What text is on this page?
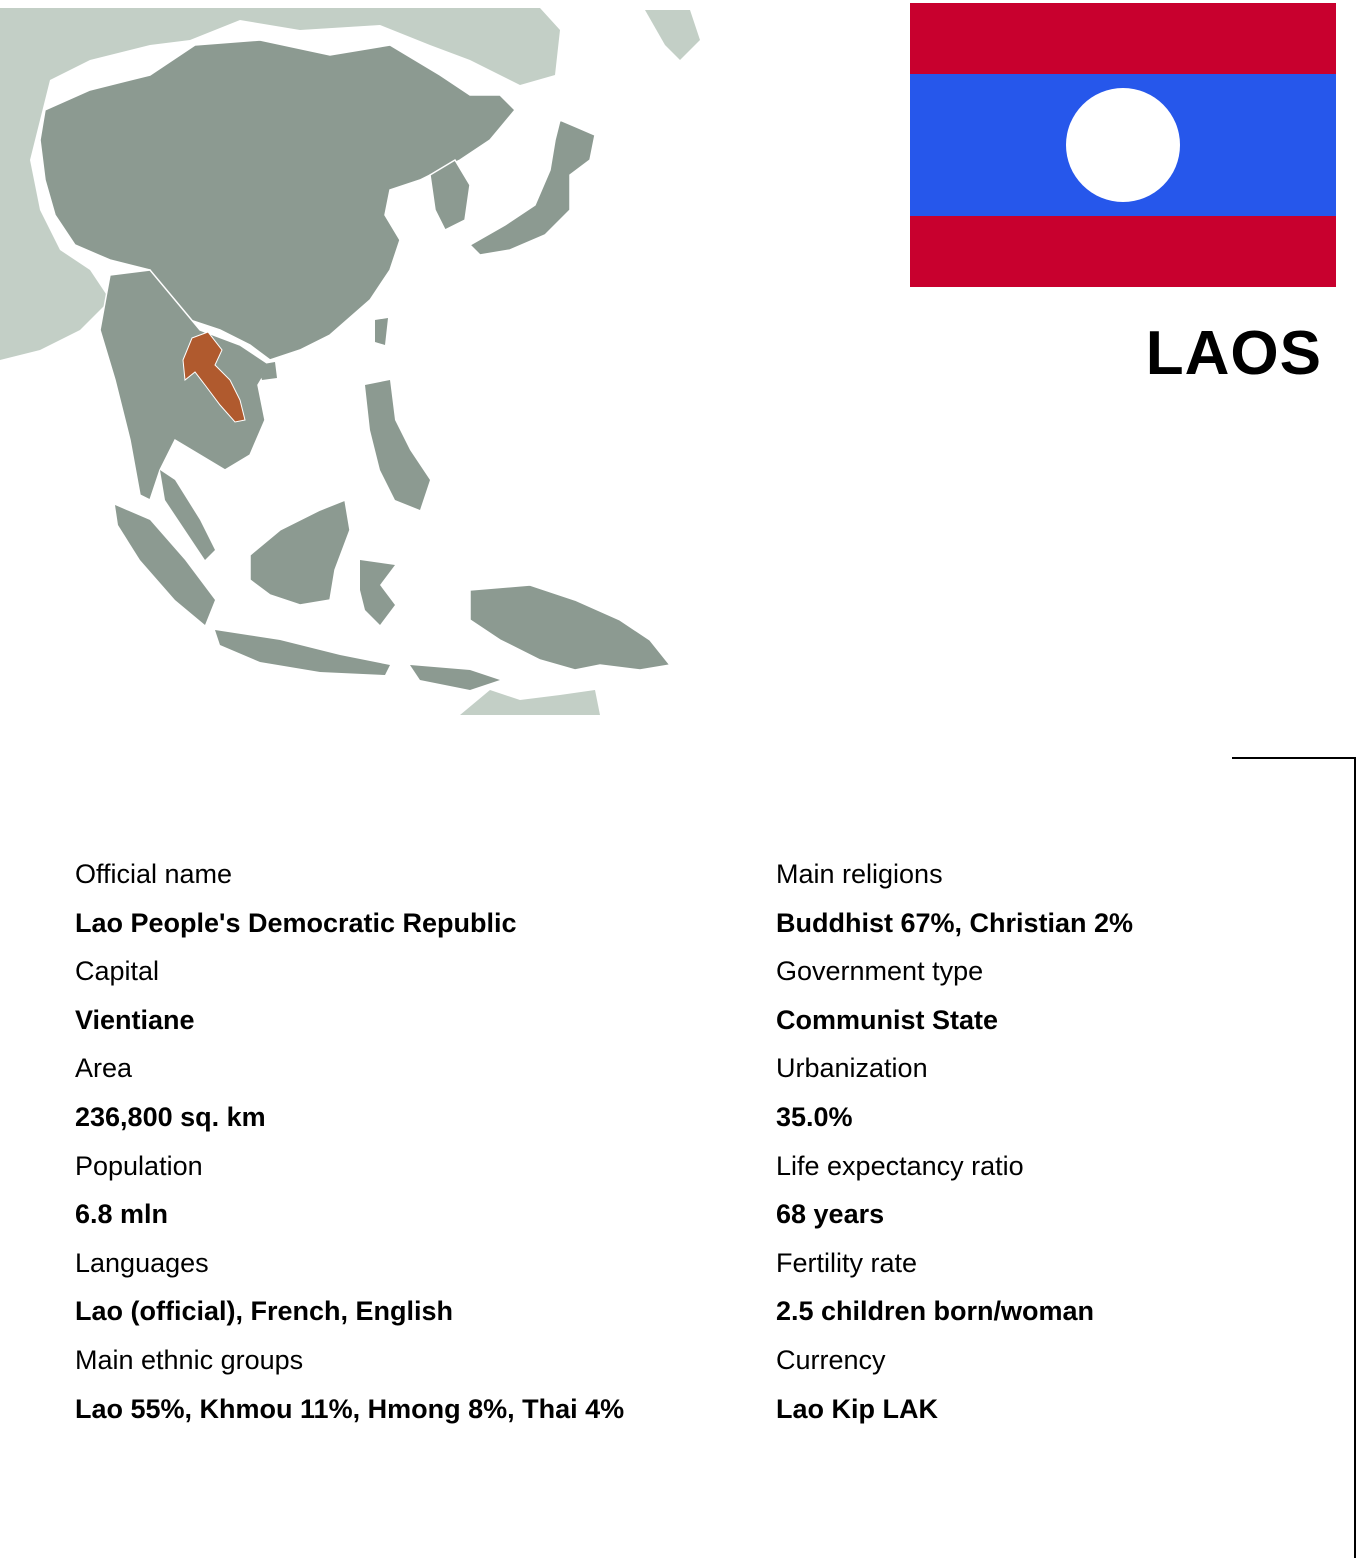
LAOS
Official name
Lao People's Democratic Republic
Capital
Vientiane
Area
236,800 sq. km
Population
6.8 mln
Languages
Lao (official), French, English
Main ethnic groups
Lao 55%, Khmou 11%, Hmong 8%, Thai 4%
Main religions
Buddhist 67%, Christian 2%
Government type
Communist State
Urbanization
35.0%
Life expectancy ratio
68 years
Fertility rate
2.5 children born/woman
Currency
Lao Kip LAK
